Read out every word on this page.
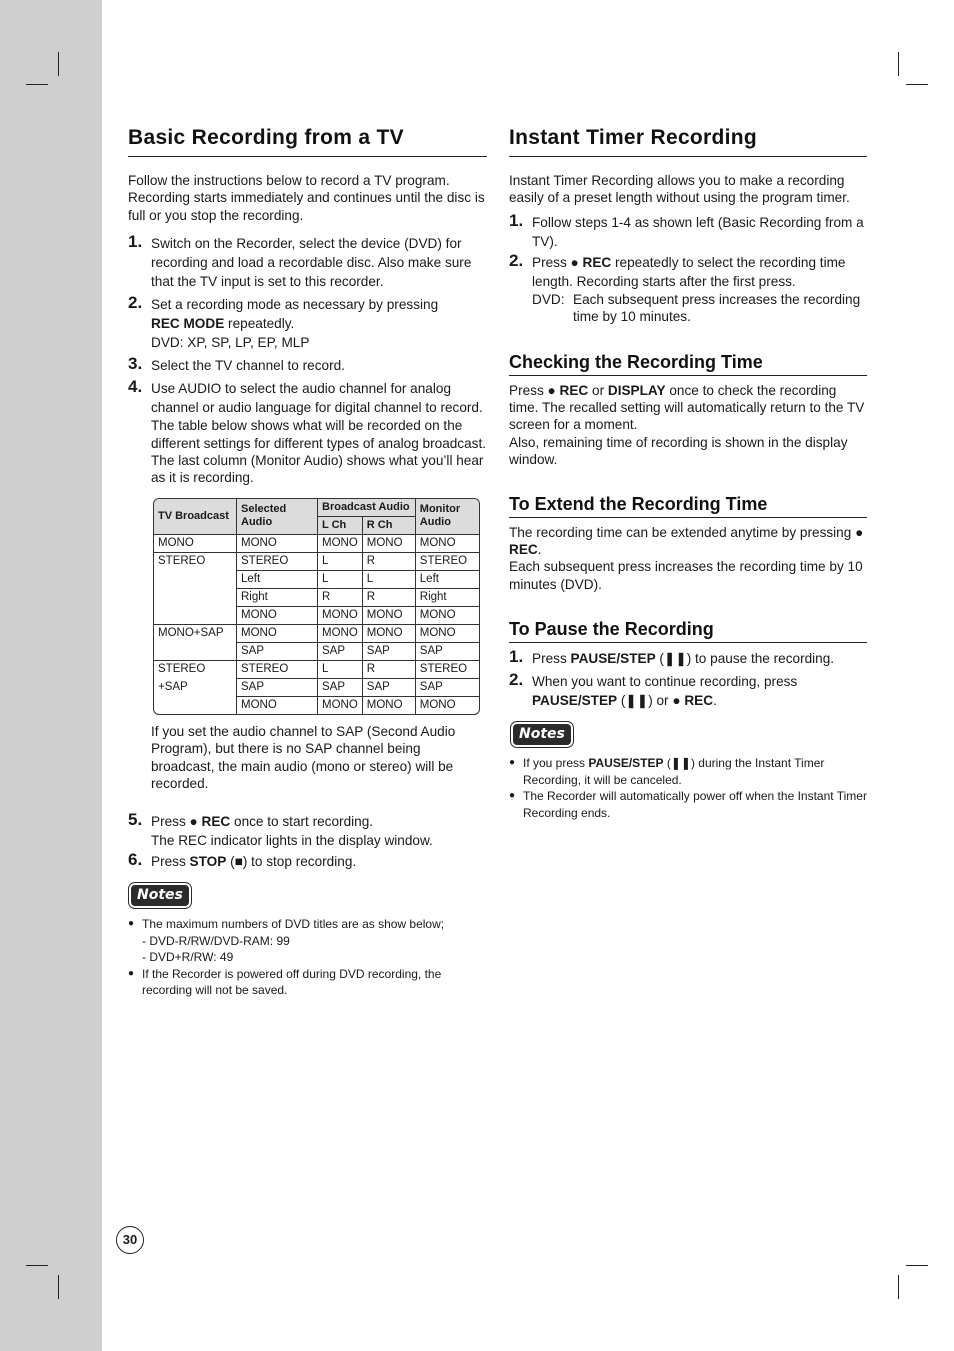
Basic Recording from a TV

Follow the instructions below to record a TV program. Recording starts immediately and continues until the disc is full or you stop the recording.

1. Switch on the Recorder, select the device (DVD) for recording and load a recordable disc. Also make sure that the TV input is set to this recorder.
2. Set a recording mode as necessary by pressing
REC MODE repeatedly.
DVD: XP, SP, LP, EP, MLP
3. Select the TV channel to record.
4. Use AUDIO to select the audio channel for analog channel or audio language for digital channel to record.

The table below shows what will be recorded on the different settings for different types of analog broadcast. The last column (Monitor Audio) shows what you’ll hear as it is recording.

TV Broadcast	Selected Audio	Broadcast Audio		Monitor Audio
		L Ch	R Ch	
MONO	MONO	MONO	MONO	MONO
STEREO	STEREO	L	R	STEREO
	Left	L	L	Left
	Right	R	R	Right
	MONO	MONO	MONO	MONO
MONO+SAP	MONO	MONO	MONO	MONO
	SAP	SAP	SAP	SAP
STEREO	STEREO	L	R	STEREO
+SAP	SAP	SAP	SAP	SAP
	MONO	MONO	MONO	MONO

If you set the audio channel to SAP (Second Audio Program), but there is no SAP channel being broadcast, the main audio (mono or stereo) will be recorded.

5. Press ● REC once to start recording.
The REC indicator lights in the display window.
6. Press STOP (■) to stop recording.
Notes
● The maximum numbers of DVD titles are as show below;
- DVD-R/RW/DVD-RAM: 99
- DVD+R/RW: 49
● If the Recorder is powered off during DVD recording, the recording will not be saved.
Instant Timer Recording

Instant Timer Recording allows you to make a recording easily of a preset length without using the program timer.

1. Follow steps 1-4 as shown left (Basic Recording from a TV).
2. Press ● REC repeatedly to select the recording time length. Recording starts after the first press.
DVD: Each subsequent press increases the recording time by 10 minutes.
Checking the Recording Time

Press ● REC or DISPLAY once to check the recording time. The recalled setting will automatically return to the TV screen for a moment.

Also, remaining time of recording is shown in the display window.

To Extend the Recording Time

The recording time can be extended anytime by pressing ● REC.

Each subsequent press increases the recording time by 10 minutes (DVD).

To Pause the Recording
1. Press PAUSE/STEP (❚❚) to pause the recording.
2. When you want to continue recording, press
PAUSE/STEP (❚❚) or ● REC.
Notes
● If you press PAUSE/STEP (❚❚) during the Instant Timer Recording, it will be canceled.
● The Recorder will automatically power off when the Instant Timer Recording ends.
30
